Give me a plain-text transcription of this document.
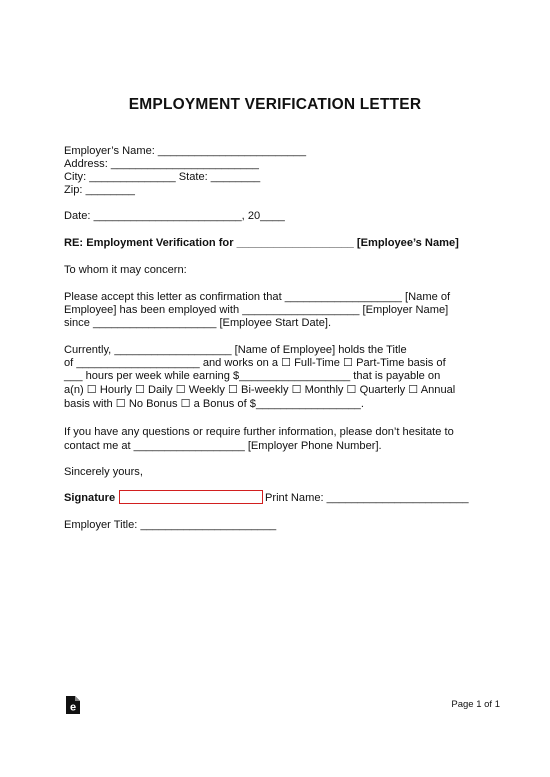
EMPLOYMENT VERIFICATION LETTER
Employer’s Name: ________________________
Address: ________________________
City: ______________ State: ________
Zip: ________
Date: ________________________, 20____
RE: Employment Verification for ___________________ [Employee’s Name]
To whom it may concern:
Please accept this letter as confirmation that ___________________ [Name of
Employee] has been employed with ___________________ [Employer Name]
since ____________________ [Employee Start Date].
Currently, ___________________ [Name of Employee] holds the Title
of ____________________ and works on a ☐ Full-Time ☐ Part-Time basis of
___ hours per week while earning $__________________ that is payable on
a(n) ☐ Hourly ☐ Daily ☐ Weekly ☐ Bi-weekly ☐ Monthly ☐ Quarterly ☐ Annual
basis with ☐ No Bonus ☐ a Bonus of $_________________.
If you have any questions or require further information, please don’t hesitate to
contact me at __________________ [Employer Phone Number].
Sincerely yours,
Signature	Print Name: _______________________
Employer Title: ______________________
e	Page 1 of 1
